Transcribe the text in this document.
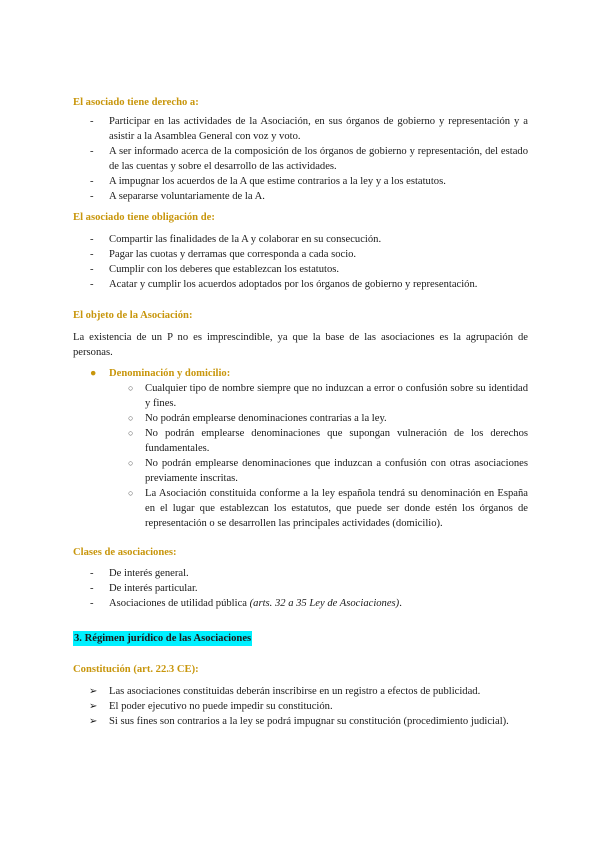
El asociado tiene derecho a:
- Participar en las actividades de la Asociación, en sus órganos de gobierno y representación y a asistir a la Asamblea General con voz y voto.
- A ser informado acerca de la composición de los órganos de gobierno y representación, del estado de las cuentas y sobre el desarrollo de las actividades.
- A impugnar los acuerdos de la A que estime contrarios a la ley y a los estatutos.
- A separarse voluntariamente de la A.
El asociado tiene obligación de:
- Compartir las finalidades de la A y colaborar en su consecución.
- Pagar las cuotas y derramas que corresponda a cada socio.
- Cumplir con los deberes que establezcan los estatutos.
- Acatar y cumplir los acuerdos adoptados por los órganos de gobierno y representación.
El objeto de la Asociación:
La existencia de un P no es imprescindible, ya que la base de las asociaciones es la agrupación de personas.
● Denominación y domicilio:
○ Cualquier tipo de nombre siempre que no induzcan a error o confusión sobre su identidad y fines.
○ No podrán emplearse denominaciones contrarias a la ley.
○ No podrán emplearse denominaciones que supongan vulneración de los derechos fundamentales.
○ No podrán emplearse denominaciones que induzcan a confusión con otras asociaciones previamente inscritas.
○ La Asociación constituida conforme a la ley española tendrá su denominación en España en el lugar que establezcan los estatutos, que puede ser donde estén los órganos de representación o se desarrollen las principales actividades (domicilio).
Clases de asociaciones:
- De interés general.
- De interés particular.
- Asociaciones de utilidad pública (arts. 32 a 35 Ley de Asociaciones).
3. Régimen jurídico de las Asociaciones
Constitución (art. 22.3 CE):
➢ Las asociaciones constituidas deberán inscribirse en un registro a efectos de publicidad.
➢ El poder ejecutivo no puede impedir su constitución.
➢ Si sus fines son contrarios a la ley se podrá impugnar su constitución (procedimiento judicial).
